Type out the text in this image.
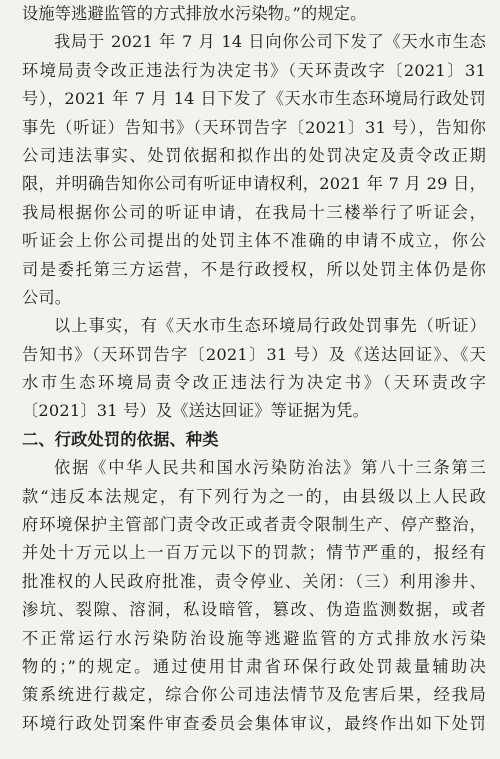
设施等逃避监管的方式排放水污染物。”的规定。
我局于 2021 年 7 月 14 日向你公司下发了《天水市生态
环境局责令改正违法行为决定书》（天环责改字〔2021〕31
号），2021 年 7 月 14 日下发了《天水市生态环境局行政处罚
事先（听证）告知书》（天环罚告字〔2021〕31 号），告知你
公司违法事实、处罚依据和拟作出的处罚决定及责令改正期
限，并明确告知你公司有听证申请权利，2021 年 7 月 29 日，
我局根据你公司的听证申请，在我局十三楼举行了听证会，
听证会上你公司提出的处罚主体不准确的申请不成立，你公
司是委托第三方运营，不是行政授权，所以处罚主体仍是你
公司。
以上事实，有《天水市生态环境局行政处罚事先（听证）
告知书》（天环罚告字〔2021〕31 号）及《送达回证》、《天
水市生态环境局责令改正违法行为决定书》（天环责改字
〔2021〕31 号）及《送达回证》等证据为凭。
二、行政处罚的依据、种类
依据《中华人民共和国水污染防治法》第八十三条第三
款“违反本法规定，有下列行为之一的，由县级以上人民政
府环境保护主管部门责令改正或者责令限制生产、停产整治，
并处十万元以上一百万元以下的罚款；情节严重的，报经有
批准权的人民政府批准，责令停业、关闭：（三）利用渗井、
渗坑、裂隙、溶洞，私设暗管，篡改、伪造监测数据，或者
不正常运行水污染防治设施等逃避监管的方式排放水污染
物的；”的规定。通过使用甘肃省环保行政处罚裁量辅助决
策系统进行裁定，综合你公司违法情节及危害后果，经我局
环境行政处罚案件审查委员会集体审议，最终作出如下处罚
